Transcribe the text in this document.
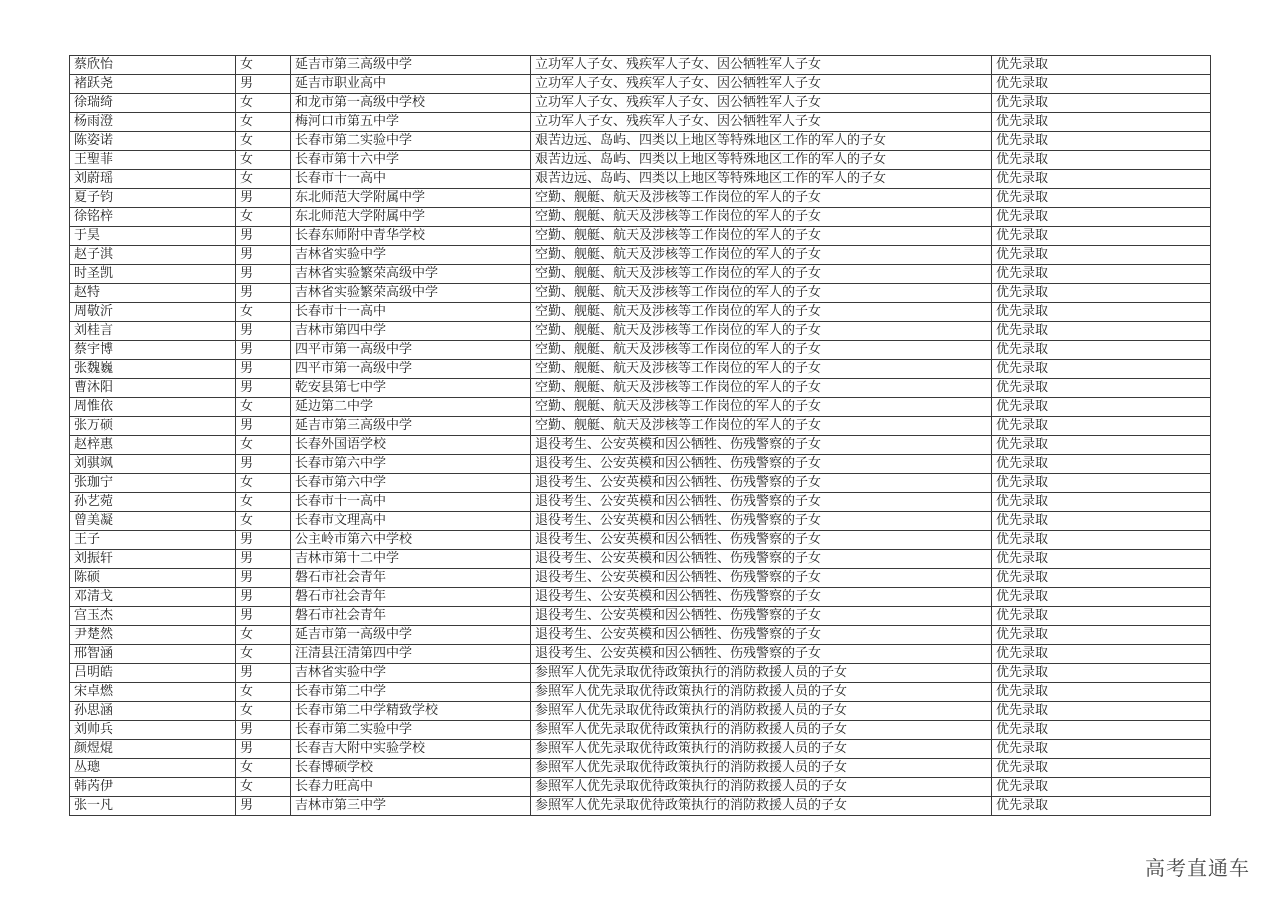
蔡欣怡	女	延吉市第三高级中学	立功军人子女、残疾军人子女、因公牺牲军人子女	优先录取
褚跃尧	男	延吉市职业高中	立功军人子女、残疾军人子女、因公牺牲军人子女	优先录取
徐瑞绮	女	和龙市第一高级中学校	立功军人子女、残疾军人子女、因公牺牲军人子女	优先录取
杨雨澄	女	梅河口市第五中学	立功军人子女、残疾军人子女、因公牺牲军人子女	优先录取
陈姿诺	女	长春市第二实验中学	艰苦边远、岛屿、四类以上地区等特殊地区工作的军人的子女	优先录取
王聖菲	女	长春市第十六中学	艰苦边远、岛屿、四类以上地区等特殊地区工作的军人的子女	优先录取
刘蔚瑶	女	长春市十一高中	艰苦边远、岛屿、四类以上地区等特殊地区工作的军人的子女	优先录取
夏子钧	男	东北师范大学附属中学	空勤、舰艇、航天及涉核等工作岗位的军人的子女	优先录取
徐铭梓	女	东北师范大学附属中学	空勤、舰艇、航天及涉核等工作岗位的军人的子女	优先录取
于昊	男	长春东师附中青华学校	空勤、舰艇、航天及涉核等工作岗位的军人的子女	优先录取
赵子淇	男	吉林省实验中学	空勤、舰艇、航天及涉核等工作岗位的军人的子女	优先录取
时圣凯	男	吉林省实验繁荣高级中学	空勤、舰艇、航天及涉核等工作岗位的军人的子女	优先录取
赵特	男	吉林省实验繁荣高级中学	空勤、舰艇、航天及涉核等工作岗位的军人的子女	优先录取
周敬沂	女	长春市十一高中	空勤、舰艇、航天及涉核等工作岗位的军人的子女	优先录取
刘桂言	男	吉林市第四中学	空勤、舰艇、航天及涉核等工作岗位的军人的子女	优先录取
蔡宇博	男	四平市第一高级中学	空勤、舰艇、航天及涉核等工作岗位的军人的子女	优先录取
张魏巍	男	四平市第一高级中学	空勤、舰艇、航天及涉核等工作岗位的军人的子女	优先录取
曹沐阳	男	乾安县第七中学	空勤、舰艇、航天及涉核等工作岗位的军人的子女	优先录取
周惟依	女	延边第二中学	空勤、舰艇、航天及涉核等工作岗位的军人的子女	优先录取
张万硕	男	延吉市第三高级中学	空勤、舰艇、航天及涉核等工作岗位的军人的子女	优先录取
赵梓惠	女	长春外国语学校	退役考生、公安英模和因公牺牲、伤残警察的子女	优先录取
刘骐飒	男	长春市第六中学	退役考生、公安英模和因公牺牲、伤残警察的子女	优先录取
张珈宁	女	长春市第六中学	退役考生、公安英模和因公牺牲、伤残警察的子女	优先录取
孙艺菀	女	长春市十一高中	退役考生、公安英模和因公牺牲、伤残警察的子女	优先录取
曾美凝	女	长春市文理高中	退役考生、公安英模和因公牺牲、伤残警察的子女	优先录取
王子	男	公主岭市第六中学校	退役考生、公安英模和因公牺牲、伤残警察的子女	优先录取
刘振轩	男	吉林市第十二中学	退役考生、公安英模和因公牺牲、伤残警察的子女	优先录取
陈硕	男	磐石市社会青年	退役考生、公安英模和因公牺牲、伤残警察的子女	优先录取
邓清戈	男	磐石市社会青年	退役考生、公安英模和因公牺牲、伤残警察的子女	优先录取
宫玉杰	男	磐石市社会青年	退役考生、公安英模和因公牺牲、伤残警察的子女	优先录取
尹楚然	女	延吉市第一高级中学	退役考生、公安英模和因公牺牲、伤残警察的子女	优先录取
邢智涵	女	汪清县汪清第四中学	退役考生、公安英模和因公牺牲、伤残警察的子女	优先录取
吕明皓	男	吉林省实验中学	参照军人优先录取优待政策执行的消防救援人员的子女	优先录取
宋卓燃	女	长春市第二中学	参照军人优先录取优待政策执行的消防救援人员的子女	优先录取
孙思涵	女	长春市第二中学精致学校	参照军人优先录取优待政策执行的消防救援人员的子女	优先录取
刘帅兵	男	长春市第二实验中学	参照军人优先录取优待政策执行的消防救援人员的子女	优先录取
颜煜焜	男	长春吉大附中实验学校	参照军人优先录取优待政策执行的消防救援人员的子女	优先录取
丛璁	女	长春博硕学校	参照军人优先录取优待政策执行的消防救援人员的子女	优先录取
韩芮伊	女	长春力旺高中	参照军人优先录取优待政策执行的消防救援人员的子女	优先录取
张一凡	男	吉林市第三中学	参照军人优先录取优待政策执行的消防救援人员的子女	优先录取
高考直通车
